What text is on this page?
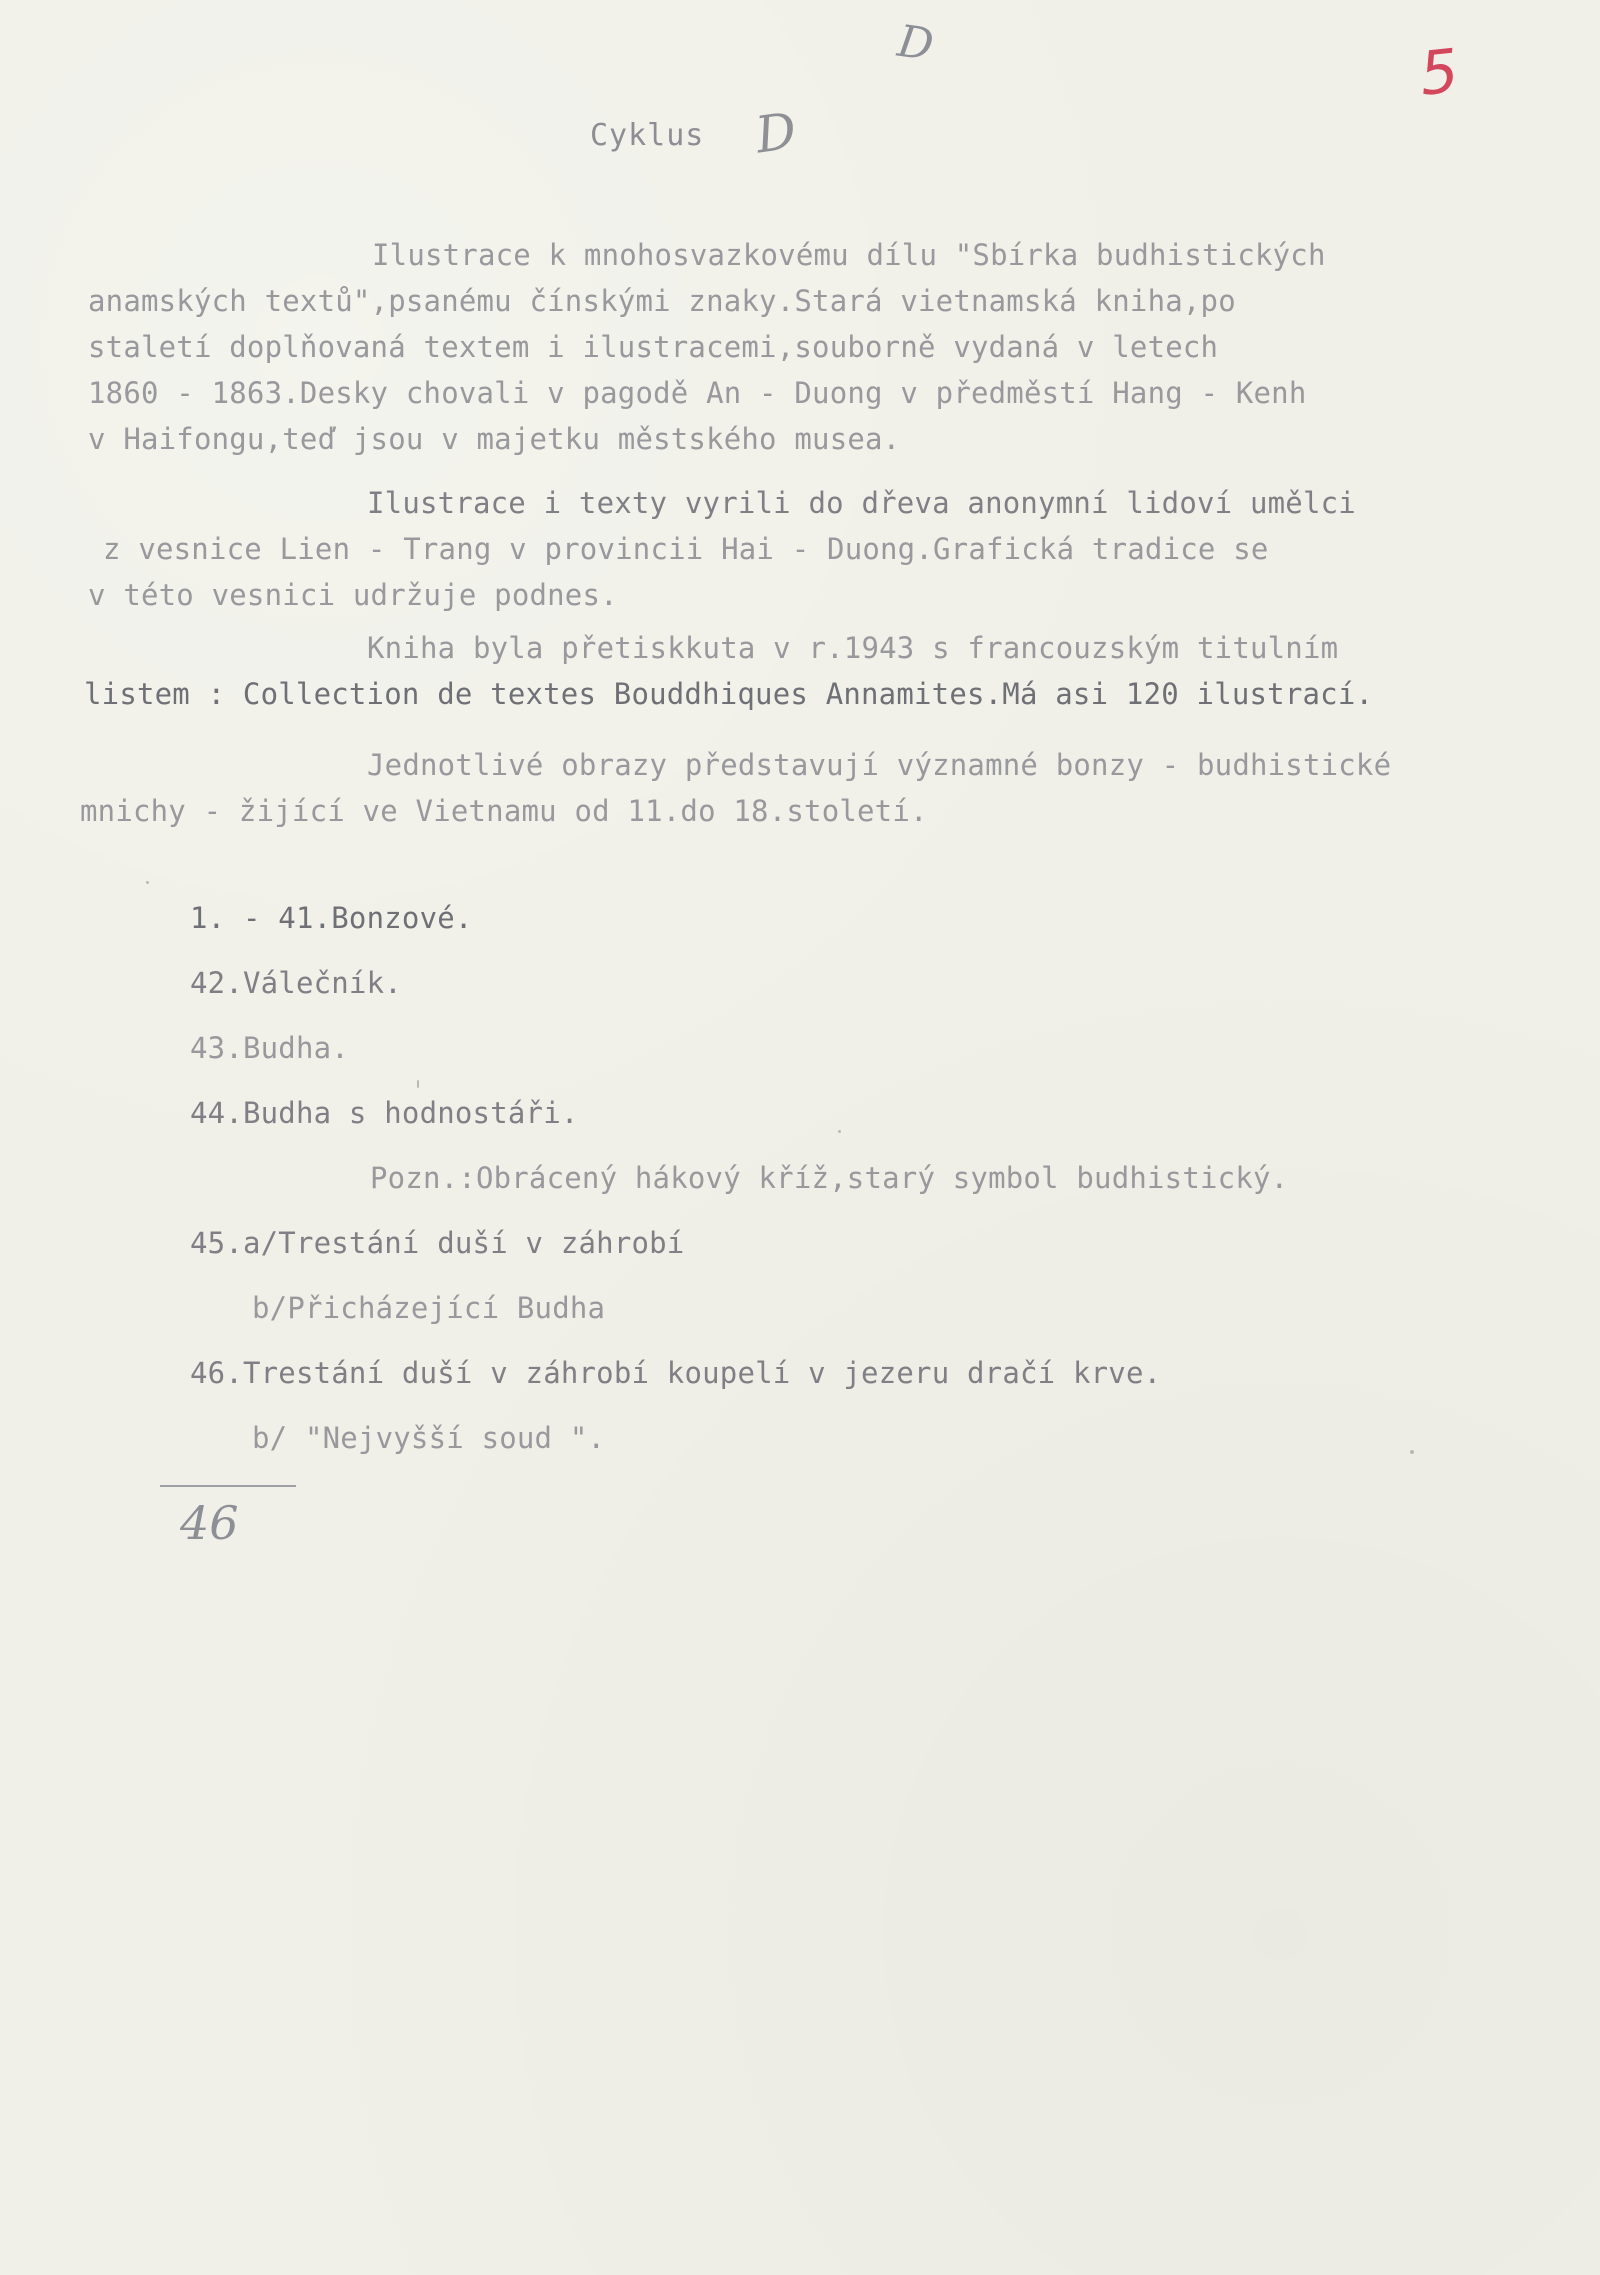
D	5
Cyklus D
Ilustrace k mnohosvazkovému dílu "Sbírka budhistických
anamských textů",psanému čínskými znaky.Stará vietnamská kniha,po
staletí doplňovaná textem i ilustracemi,souborně vydaná v letech
1860 - 1863.Desky chovali v pagodě An - Duong v předměstí Hang - Kenh
v Haifongu,teď jsou v majetku městského musea.
Ilustrace i texty vyrili do dřeva anonymní lidoví umělci
z vesnice Lien - Trang v provincii Hai - Duong.Grafická tradice se
v této vesnici udržuje podnes.
Kniha byla přetiskkuta v r.1943 s francouzským titulním
listem : Collection de textes Bouddhiques Annamites.Má asi 120 ilustrací.
Jednotlivé obrazy představují významné bonzy - budhistické
mnichy - žijící ve Vietnamu od 11.do 18.století.
1. - 41.Bonzové.
42.Válečník.
43.Budha.
44.Budha s hodnostáři.
Pozn.:Obrácený hákový kříž,starý symbol budhistický.
45.a/Trestání duší v záhrobí
b/Přicházející Budha
46.Trestání duší v záhrobí koupelí v jezeru dračí krve.
b/ "Nejvyšší soud ".
46
